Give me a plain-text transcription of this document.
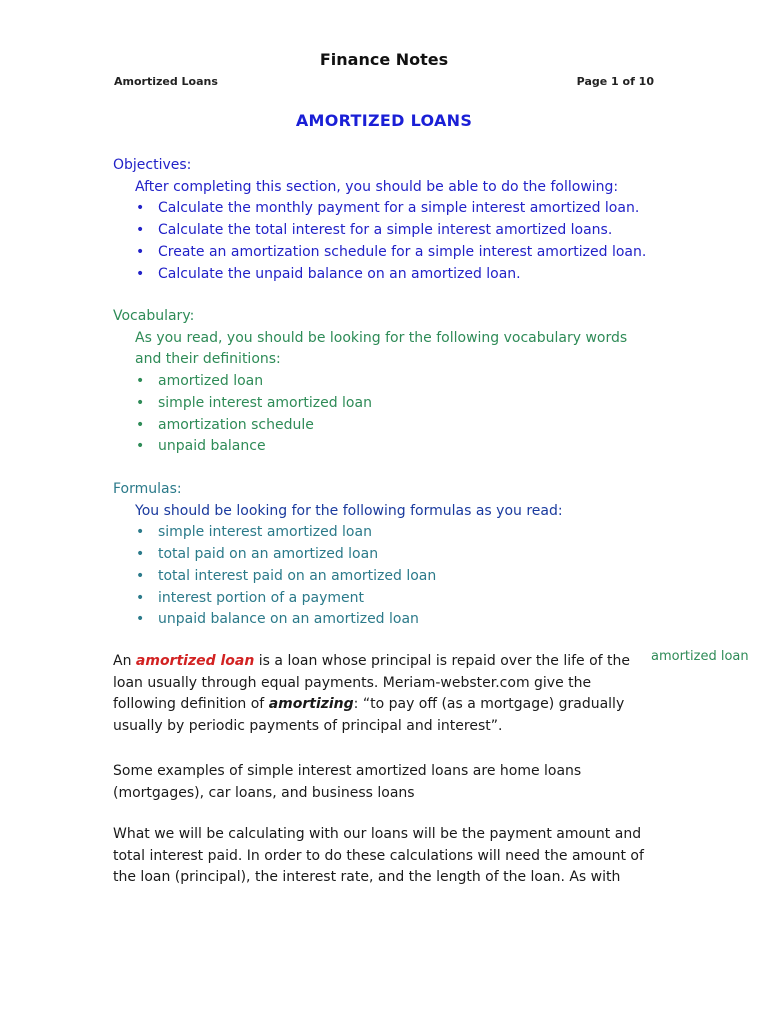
Finance Notes
Amortized Loans	Page 1 of 10
AMORTIZED LOANS

Objectives:

After completing this section, you should be able to do the following:

• Calculate the monthly payment for a simple interest amortized loan.
• Calculate the total interest for a simple interest amortized loans.
• Create an amortization schedule for a simple interest amortized loan.
• Calculate the unpaid balance on an amortized loan.

Vocabulary:

As you read, you should be looking for the following vocabulary words and their definitions:

• amortized loan
• simple interest amortized loan
• amortization schedule
• unpaid balance

Formulas:

You should be looking for the following formulas as you read:

• simple interest amortized loan
• total paid on an amortized loan
• total interest paid on an amortized loan
• interest portion of a payment
• unpaid balance on an amortized loan

An amortized loan is a loan whose principal is repaid over the life of the loan usually through equal payments. Meriam-webster.com give the following definition of amortizing: “to pay off (as a mortgage) gradually usually by periodic payments of principal and interest”.

amortized loan

Some examples of simple interest amortized loans are home loans (mortgages), car loans, and business loans

What we will be calculating with our loans will be the payment amount and total interest paid. In order to do these calculations will need the amount of the loan (principal), the interest rate, and the length of the loan. As with
